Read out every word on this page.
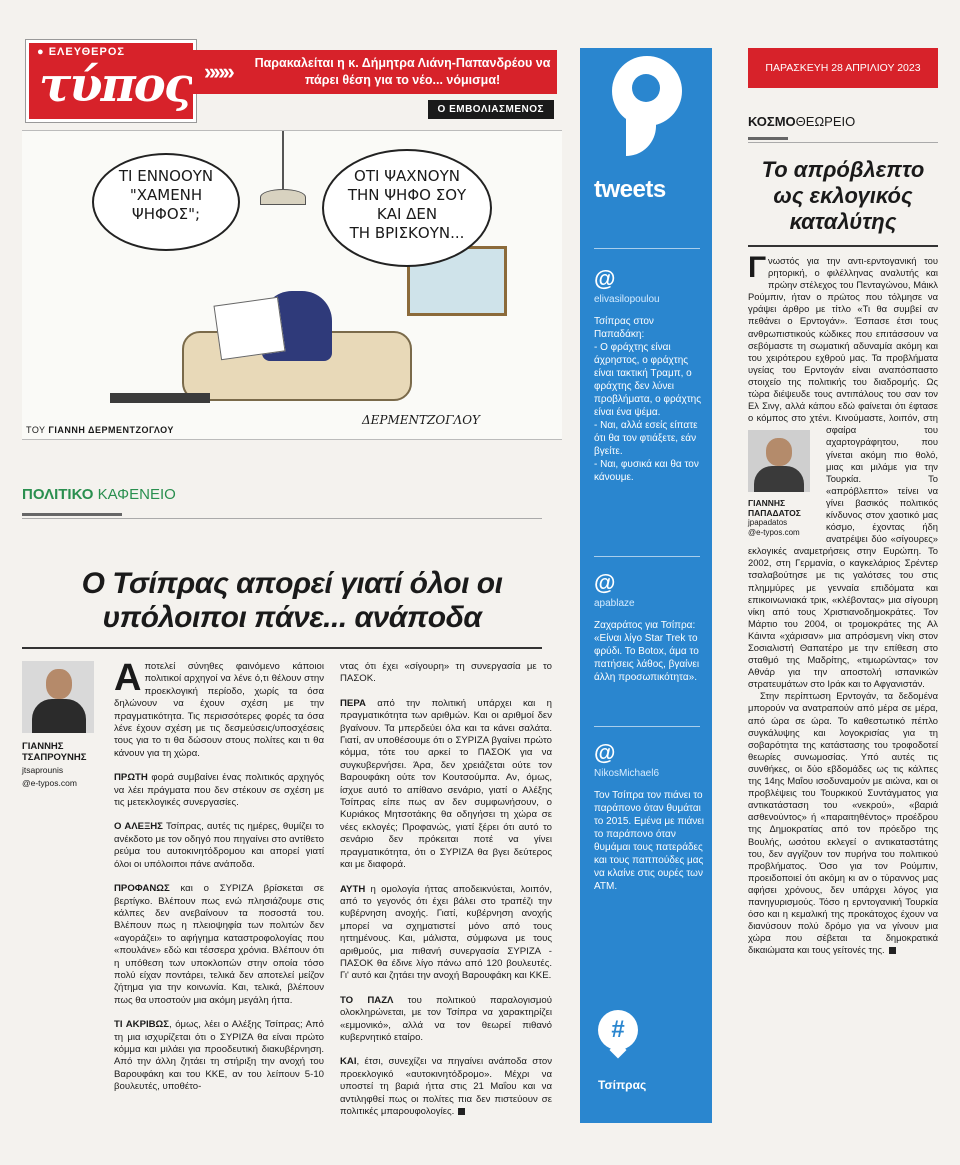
● ΕΛΕΥΘΕΡΟΣ
τύπος »»»	Παρακαλείται η κ. Δήμητρα Λιάνη-Παπανδρέου να πάρει θέση για το νέο... νόμισμα!
Ο ΕΜΒΟΛΙΑΣΜΕΝΟΣ
ΤΙ ΕΝΝΟΟΥΝ
"ΧΑΜΕΝΗ
ΨΗΦΟΣ";
ΟΤΙ ΨΑΧΝΟΥΝ
ΤΗΝ ΨΗΦΟ ΣΟΥ
ΚΑΙ ΔΕΝ
ΤΗ ΒΡΙΣΚΟΥΝ...
ΔΕΡΜΕΝΤΖΟΓΛΟΥ
ΤΟΥ ΓΙΑΝΝΗ ΔΕΡΜΕΝΤΖΟΓΛΟΥ
ΠΟΛΙΤΙΚΟ ΚΑΦΕΝΕΙΟ
Ο Τσίπρας απορεί γιατί όλοι οι υπόλοιποι πάνε... ανάποδα
ΓΙΑΝΝΗΣ ΤΣΑΠΡΟΥΝΗΣ
jtsaprounis
@e-typos.com

Αποτελεί σύνηθες φαινόμενο κάποιοι πολιτικοί αρχηγοί να λένε ό,τι θέλουν στην προεκλογική περίοδο, χωρίς τα όσα δηλώνουν να έχουν σχέση με την πραγματικότητα. Τις περισσότερες φορές τα όσα λένε έχουν σχέση με τις δεσμεύσεις/υποσχέσεις τους για το τι θα δώσουν στους πολίτες και τι θα κάνουν για τη χώρα.

ΠΡΩΤΗ φορά συμβαίνει ένας πολιτικός αρχηγός να λέει πράγματα που δεν στέκουν σε σχέση με τις μετεκλογικές συνεργασίες.

Ο ΑΛΕΞΗΣ Τσίπρας, αυτές τις ημέρες, θυμίζει το ανέκδοτο με τον οδηγό που πηγαίνει στο αντίθετο ρεύμα του αυτοκινητόδρομου και απορεί γιατί όλοι οι υπόλοιποι πάνε ανάποδα.

ΠΡΟΦΑΝΩΣ και ο ΣΥΡΙΖΑ βρίσκεται σε βερτίγκο. Βλέπουν πως ενώ πλησιάζουμε στις κάλπες δεν ανεβαίνουν τα ποσοστά του. Βλέπουν πως η πλειοψηφία των πολιτών δεν «αγοράζει» το αφήγημα καταστροφολογίας που «πουλάνε» εδώ και τέσσερα χρόνια. Βλέπουν ότι η υπόθεση των υποκλοπών στην οποία τόσο πολύ είχαν ποντάρει, τελικά δεν αποτελεί μείζον ζήτημα για την κοινωνία. Και, τελικά, βλέπουν πως θα υποστούν μια ακόμη μεγάλη ήττα.

ΤΙ ΑΚΡΙΒΩΣ, όμως, λέει ο Αλέξης Τσίπρας; Από τη μια ισχυρίζεται ότι ο ΣΥΡΙΖΑ θα είναι πρώτο κόμμα και μιλάει για προοδευτική διακυβέρνηση. Από την άλλη ζητάει τη στήριξη την ανοχή του Βαρουφάκη και του ΚΚΕ, αν του λείπουν 5-10 βουλευτές, υποθέτο-

ντας ότι έχει «σίγουρη» τη συνεργασία με το ΠΑΣΟΚ.

ΠΕΡΑ από την πολιτική υπάρχει και η πραγματικότητα των αριθμών. Και οι αριθμοί δεν βγαίνουν. Τα μπερδεύει όλα και τα κάνει σαλάτα. Γιατί, αν υποθέσουμε ότι ο ΣΥΡΙΖΑ βγαίνει πρώτο κόμμα, τότε του αρκεί το ΠΑΣΟΚ για να συγκυβερνήσει. Άρα, δεν χρειάζεται ούτε τον Βαρουφάκη ούτε τον Κουτσούμπα. Αν, όμως, ίσχυε αυτό το απίθανο σενάριο, γιατί ο Αλέξης Τσίπρας είπε πως αν δεν συμφωνήσουν, ο Κυριάκος Μητσοτάκης θα οδηγήσει τη χώρα σε νέες εκλογές; Προφανώς, γιατί ξέρει ότι αυτό το σενάριο δεν πρόκειται ποτέ να γίνει πραγματικότητα, ότι ο ΣΥΡΙΖΑ θα βγει δεύτερος και με διαφορά.

ΑΥΤΗ η ομολογία ήττας αποδεικνύεται, λοιπόν, από το γεγονός ότι έχει βάλει στο τραπέζι την κυβέρνηση ανοχής. Γιατί, κυβέρνηση ανοχής μπορεί να σχηματιστεί μόνο από τους ηττημένους. Και, μάλιστα, σύμφωνα με τους αριθμούς, μια πιθανή συνεργασία ΣΥΡΙΖΑ - ΠΑΣΟΚ θα έδινε λίγο πάνω από 120 βουλευτές. Γι' αυτό και ζητάει την ανοχή Βαρουφάκη και ΚΚΕ.

ΤΟ ΠΑΖΛ του πολιτικού παραλογισμού ολοκληρώνεται, με τον Τσίπρα να χαρακτηρίζει «εμμονικό», αλλά να τον θεωρεί πιθανό κυβερνητικό εταίρο.

ΚΑΙ, έτσι, συνεχίζει να πηγαίνει ανάποδα στον προεκλογικό «αυτοκινητόδρομο». Μέχρι να υποστεί τη βαριά ήττα στις 21 Μαΐου και να αντιληφθεί πως οι πολίτες πια δεν πιστεύουν σε πολιτικές μπαρουφολογίες.

tweets
@
elivasilopoulou
Τσίπρας στον Παπαδάκη:
- Ο φράχτης είναι άχρηστος, ο φράχτης είναι τακτική Τραμπ, ο φράχτης δεν λύνει προβλήματα, ο φράχτης είναι ένα ψέμα.
- Ναι, αλλά εσείς είπατε ότι θα τον φτιάξετε, εάν βγείτε.
- Ναι, φυσικά και θα τον κάνουμε.
@
apablaze
Ζαχαράτος για Τσίπρα: «Είναι λίγο Star Trek το φρύδι. Το Botox, άμα το πατήσεις λάθος, βγαίνει άλλη προσωπικότητα».
@
NikosMichael6
Τον Τσίπρα τον πιάνει το παράπονο όταν θυμάται το 2015. Εμένα με πιάνει το παράπονο όταν θυμάμαι τους πατεράδες και τους παππούδες μας να κλαίνε στις ουρές των ΑΤΜ.
#
Τσίπρας
ΠΑΡΑΣΚΕΥΗ 28 ΑΠΡΙΛΙΟΥ 2023
ΚΟΣΜΟΘΕΩΡΕΙΟ
Το απρόβλεπτο ως εκλογικός καταλύτης

Γνωστός για την αντι-ερντογανική του ρητορική, ο φιλέλληνας αναλυτής και πρώην στέλεχος του Πενταγώνου, Μάικλ Ρούμπιν, ήταν ο πρώτος που τόλμησε να γράψει άρθρο με τίτλο «Τι θα συμβεί αν πεθάνει ο Ερντογάν». Έσπασε έτσι τους ανθρωπιστικούς κώδικες που επιτάσσουν να σεβόμαστε τη σωματική αδυναμία ακόμη και του χειρότερου εχθρού μας. Τα προβλήματα υγείας του Ερντογάν είναι αναπόσπαστο στοιχείο της πολιτικής του διαδρομής. Ως τώρα διέψευδε τους αντιπάλους του σαν τον Ελ Σινγ, αλλά κάπου εδώ φαίνεται ότι έφτασε ο κόμπος στο χτένι. Κινούμαστε, λοιπόν, στη σφαίρα
ΓΙΑΝΝΗΣ ΠΑΠΑΔΑΤΟΣ
jpapadatos
@e-typos.com
του αχαρτογράφητου, που γίνεται ακόμη πιο θολό, μιας και μιλάμε για την Τουρκία. Το «απρόβλεπτο» τείνει να γίνει βασικός πολιτικός κίνδυνος στον χαοτικό μας κόσμο, έχοντας ήδη ανατρέψει δύο «σίγουρες» εκλογικές αναμετρήσεις στην Ευρώπη. Το 2002, στη Γερμανία, ο καγκελάριος Σρέντερ τσαλαβούτησε με τις γαλότσες του στις πλημμύρες με γενναία επιδόματα και επικοινωνιακά τρικ, «κλέβοντας» μια σίγουρη νίκη από τους Χριστιανοδημοκράτες. Τον Μάρτιο του 2004, οι τρομοκράτες της Αλ Κάιντα «χάρισαν» μια απρόσμενη νίκη στον Σοσιαλιστή Θαπατέρο με την επίθεση στο σταθμό της Μαδρίτης, «τιμωρώντας» τον Αθνάρ για την αποστολή ισπανικών στρατευμάτων στο Ιράκ και το Αφγανιστάν.

Στην περίπτωση Ερντογάν, τα δεδομένα μπορούν να ανατραπούν από μέρα σε μέρα, από ώρα σε ώρα. Το καθεστωτικό πέπλο συγκάλυψης και λογοκρισίας για τη σοβαρότητα της κατάστασης του τροφοδοτεί θεωρίες συνωμοσίας. Υπό αυτές τις συνθήκες, οι δύο εβδομάδες ως τις κάλπες της 14ης Μαΐου ισοδυναμούν με αιώνα, και οι προβλέψεις του Τουρκικού Συντάγματος για αντικατάσταση του «νεκρού», «βαριά ασθενούντος» ή «παραιτηθέντος» προέδρου της Δημοκρατίας από τον πρόεδρο της Βουλής, ωσότου εκλεγεί ο αντικαταστάτης του, δεν αγγίζουν τον πυρήνα του πολιτικού προβλήματος. Όσο για τον Ρούμπιν, προειδοποιεί ότι ακόμη κι αν ο τύραννος μας αφήσει χρόνους, δεν υπάρχει λόγος για πανηγυρισμούς. Τόσο η ερντογανική Τουρκία όσο και η κεμαλική της προκάτοχος έχουν να διανύσουν πολύ δρόμο για να γίνουν μια χώρα που σέβεται τα δημοκρατικά δικαιώματα και τους γείτονές της.
